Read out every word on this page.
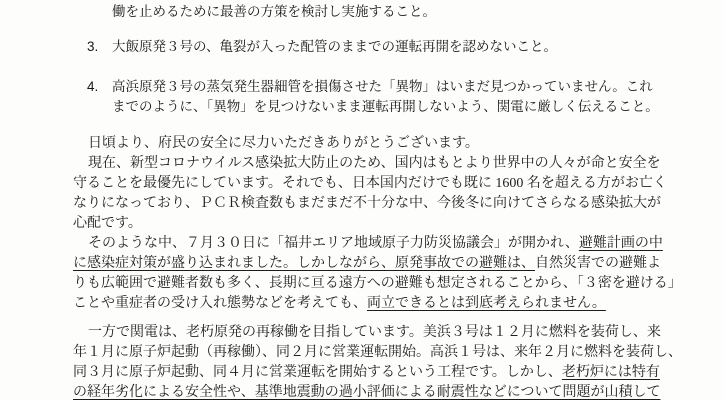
働を止めるために最善の方策を検討し実施すること。
3. 大飯原発３号の、亀裂が入った配管のままでの運転再開を認めないこと。
4. 高浜原発３号の蒸気発生器細管を損傷させた「異物」はいまだ見つかっていません。これ
までのように、「異物」を見つけないまま運転再開しないよう、関電に厳しく伝えること。
日頃より、府民の安全に尽力いただきありがとうございます。
現在、新型コロナウイルス感染拡大防止のため、国内はもとより世界中の人々が命と安全を
守ることを最優先にしています。それでも、日本国内だけでも既に 1600 名を超える方がお亡く
なりになっており、ＰＣＲ検査数もまだまだ不十分な中、今後冬に向けてさらなる感染拡大が
心配です。
そのような中、７月３０日に「福井エリア地域原子力防災協議会」が開かれ、避難計画の中
に感染症対策が盛り込まれました。しかしながら、原発事故での避難は、自然災害での避難よ
りも広範囲で避難者数も多く、長期に亘る遠方への避難も想定されることから、「３密を避ける」
ことや重症者の受け入れ態勢などを考えても、両立できるとは到底考えられません。
一方で関電は、老朽原発の再稼働を目指しています。美浜３号は１２月に燃料を装荷し、来
年１月に原子炉起動（再稼働）、同２月に営業運転開始。高浜１号は、来年２月に燃料を装荷し、
同３月に原子炉起動、同４月に営業運転を開始するという工程です。しかし、老朽炉には特有
の経年劣化による安全性や、基準地震動の過小評価による耐震性などについて問題が山積して
